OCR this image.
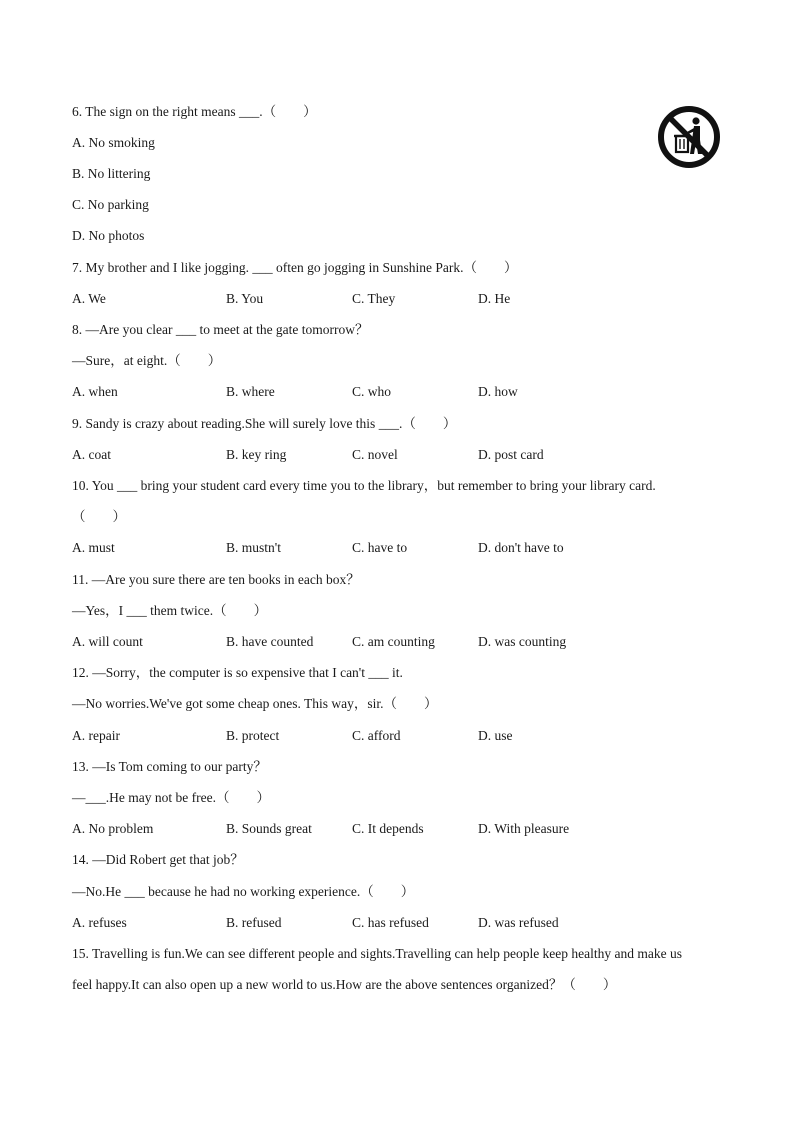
6. The sign on the right means ___.（　　）
A. No smoking
B. No littering
C. No parking
D. No photos
7. My brother and I like jogging. ___ often go jogging in Sunshine Park.（　　）
A. We	B. You	C. They	D. He
8. —Are you clear ___ to meet at the gate tomorrow？
—Sure，at eight.（　　）
A. when	B. where	C. who	D. how
9. Sandy is crazy about reading.She will surely love this ___.（　　）
A. coat	B. key ring	C. novel	D. post card
10. You ___ bring your student card every time you to the library，but remember to bring your library card.
（　　）
A. must	B. mustn't	C. have to	D. don't have to
11. —Are you sure there are ten books in each box？
—Yes，I ___ them twice.（　　）
A. will count	B. have counted	C. am counting	D. was counting
12. —Sorry，the computer is so expensive that I can't ___ it.
—No worries.We've got some cheap ones. This way，sir.（　　）
A. repair	B. protect	C. afford	D. use
13. —Is Tom coming to our party？
—___.He may not be free.（　　）
A. No problem	B. Sounds great	C. It depends	D. With pleasure
14. —Did Robert get that job？
—No.He ___ because he had no working experience.（　　）
A. refuses	B. refused	C. has refused	D. was refused
15. Travelling is fun.We can see different people and sights.Travelling can help people keep healthy and make us
feel happy.It can also open up a new world to us.How are the above sentences organized？（　　）
